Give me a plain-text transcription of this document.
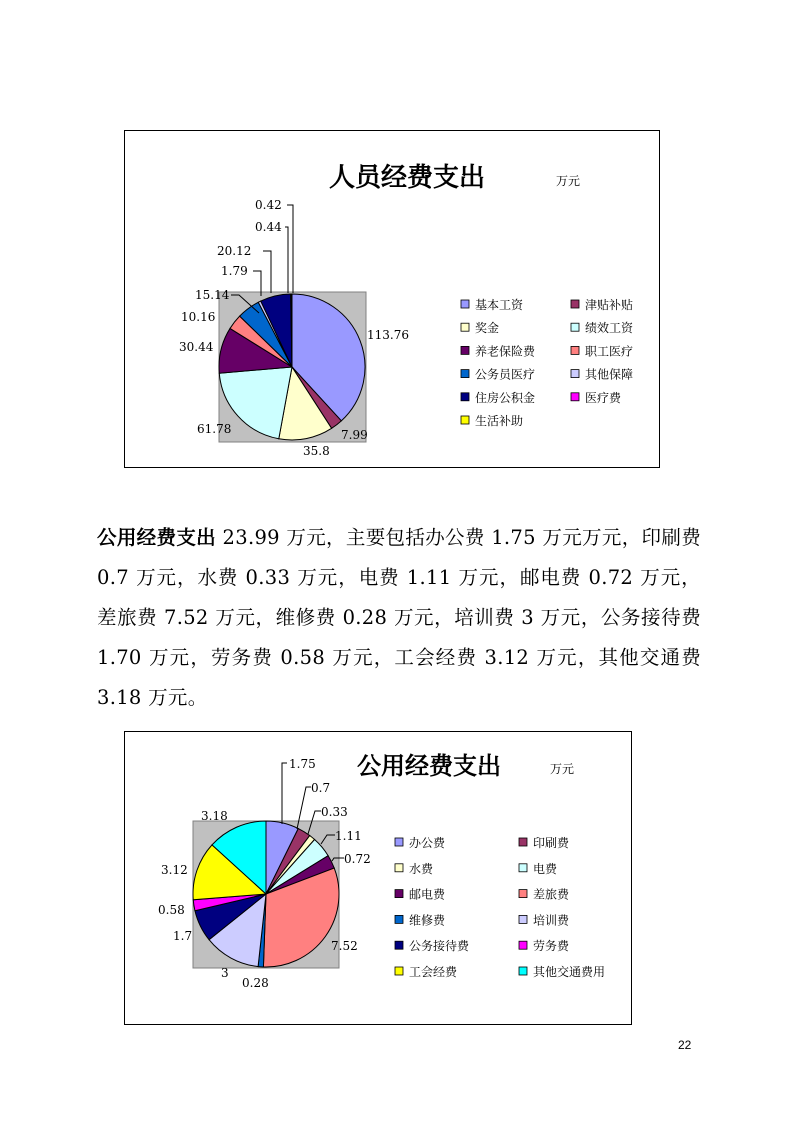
人员经费支出	万元
113.76
7.99
35.8
61.78
30.44
10.16
15.14
1.79
20.12
0.44
0.42
基本工资	津贴补贴
奖金	绩效工资
养老保险费	职工医疗
公务员医疗	其他保障
住房公积金	医疗费
生活补助
公用经费支出 23.99 万元，主要包括办公费 1.75 万元万元，印刷费 0.7 万元，水费 0.33 万元，电费 1.11 万元，邮电费 0.72 万元，差旅费 7.52 万元，维修费 0.28 万元，培训费 3 万元，公务接待费 1.70 万元，劳务费 0.58 万元，工会经费 3.12 万元，其他交通费 3.18 万元。
公用经费支出	万元
1.75
0.7
0.33
1.11
0.72
7.52
0.28
3
1.7
0.58
3.12
3.18
办公费	印刷费
水费	电费
邮电费	差旅费
维修费	培训费
公务接待费	劳务费
工会经费	其他交通费用
22
